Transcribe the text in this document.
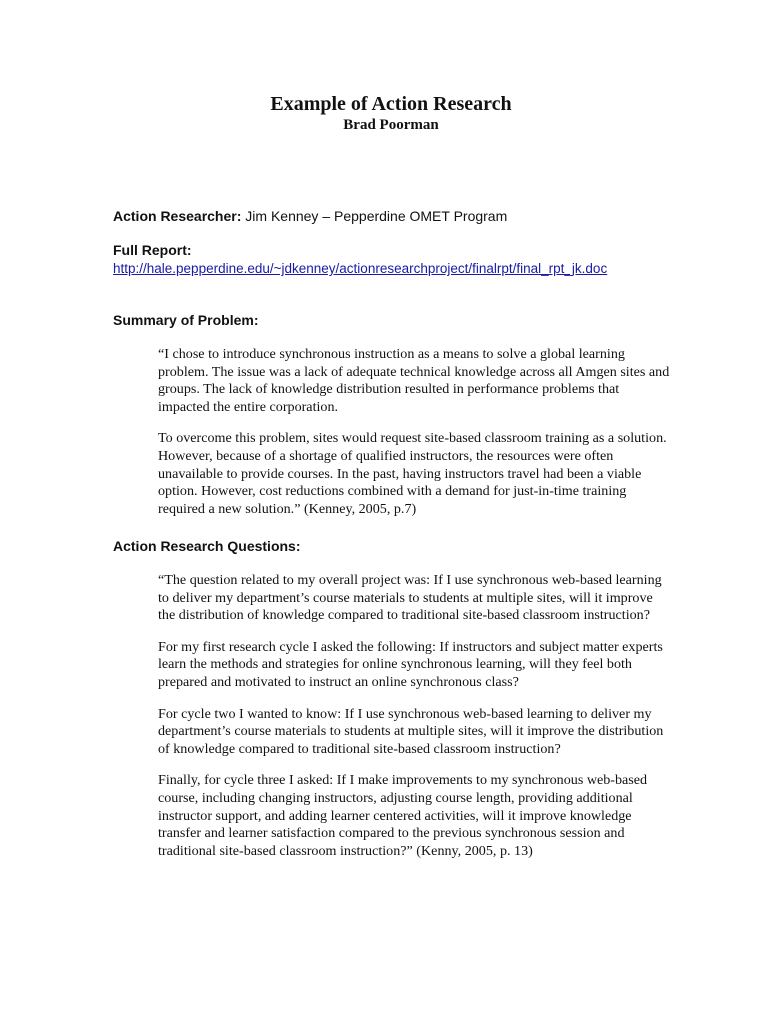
Example of Action Research
Brad Poorman
Action Researcher: Jim Kenney – Pepperdine OMET Program
Full Report:
http://hale.pepperdine.edu/~jdkenney/actionresearchproject/finalrpt/final_rpt_jk.doc
Summary of Problem:

“I chose to introduce synchronous instruction as a means to solve a global learning problem. The issue was a lack of adequate technical knowledge across all Amgen sites and groups. The lack of knowledge distribution resulted in performance problems that impacted the entire corporation.

To overcome this problem, sites would request site-based classroom training as a solution. However, because of a shortage of qualified instructors, the resources were often unavailable to provide courses. In the past, having instructors travel had been a viable option. However, cost reductions combined with a demand for just-in-time training required a new solution.” (Kenney, 2005, p.7)

Action Research Questions:

“The question related to my overall project was: If I use synchronous web-based learning to deliver my department’s course materials to students at multiple sites, will it improve the distribution of knowledge compared to traditional site-based classroom instruction?

For my first research cycle I asked the following: If instructors and subject matter experts learn the methods and strategies for online synchronous learning, will they feel both prepared and motivated to instruct an online synchronous class?

For cycle two I wanted to know: If I use synchronous web-based learning to deliver my department’s course materials to students at multiple sites, will it improve the distribution of knowledge compared to traditional site-based classroom instruction?

Finally, for cycle three I asked: If I make improvements to my synchronous web-based course, including changing instructors, adjusting course length, providing additional instructor support, and adding learner centered activities, will it improve knowledge transfer and learner satisfaction compared to the previous synchronous session and traditional site-based classroom instruction?” (Kenny, 2005, p. 13)
